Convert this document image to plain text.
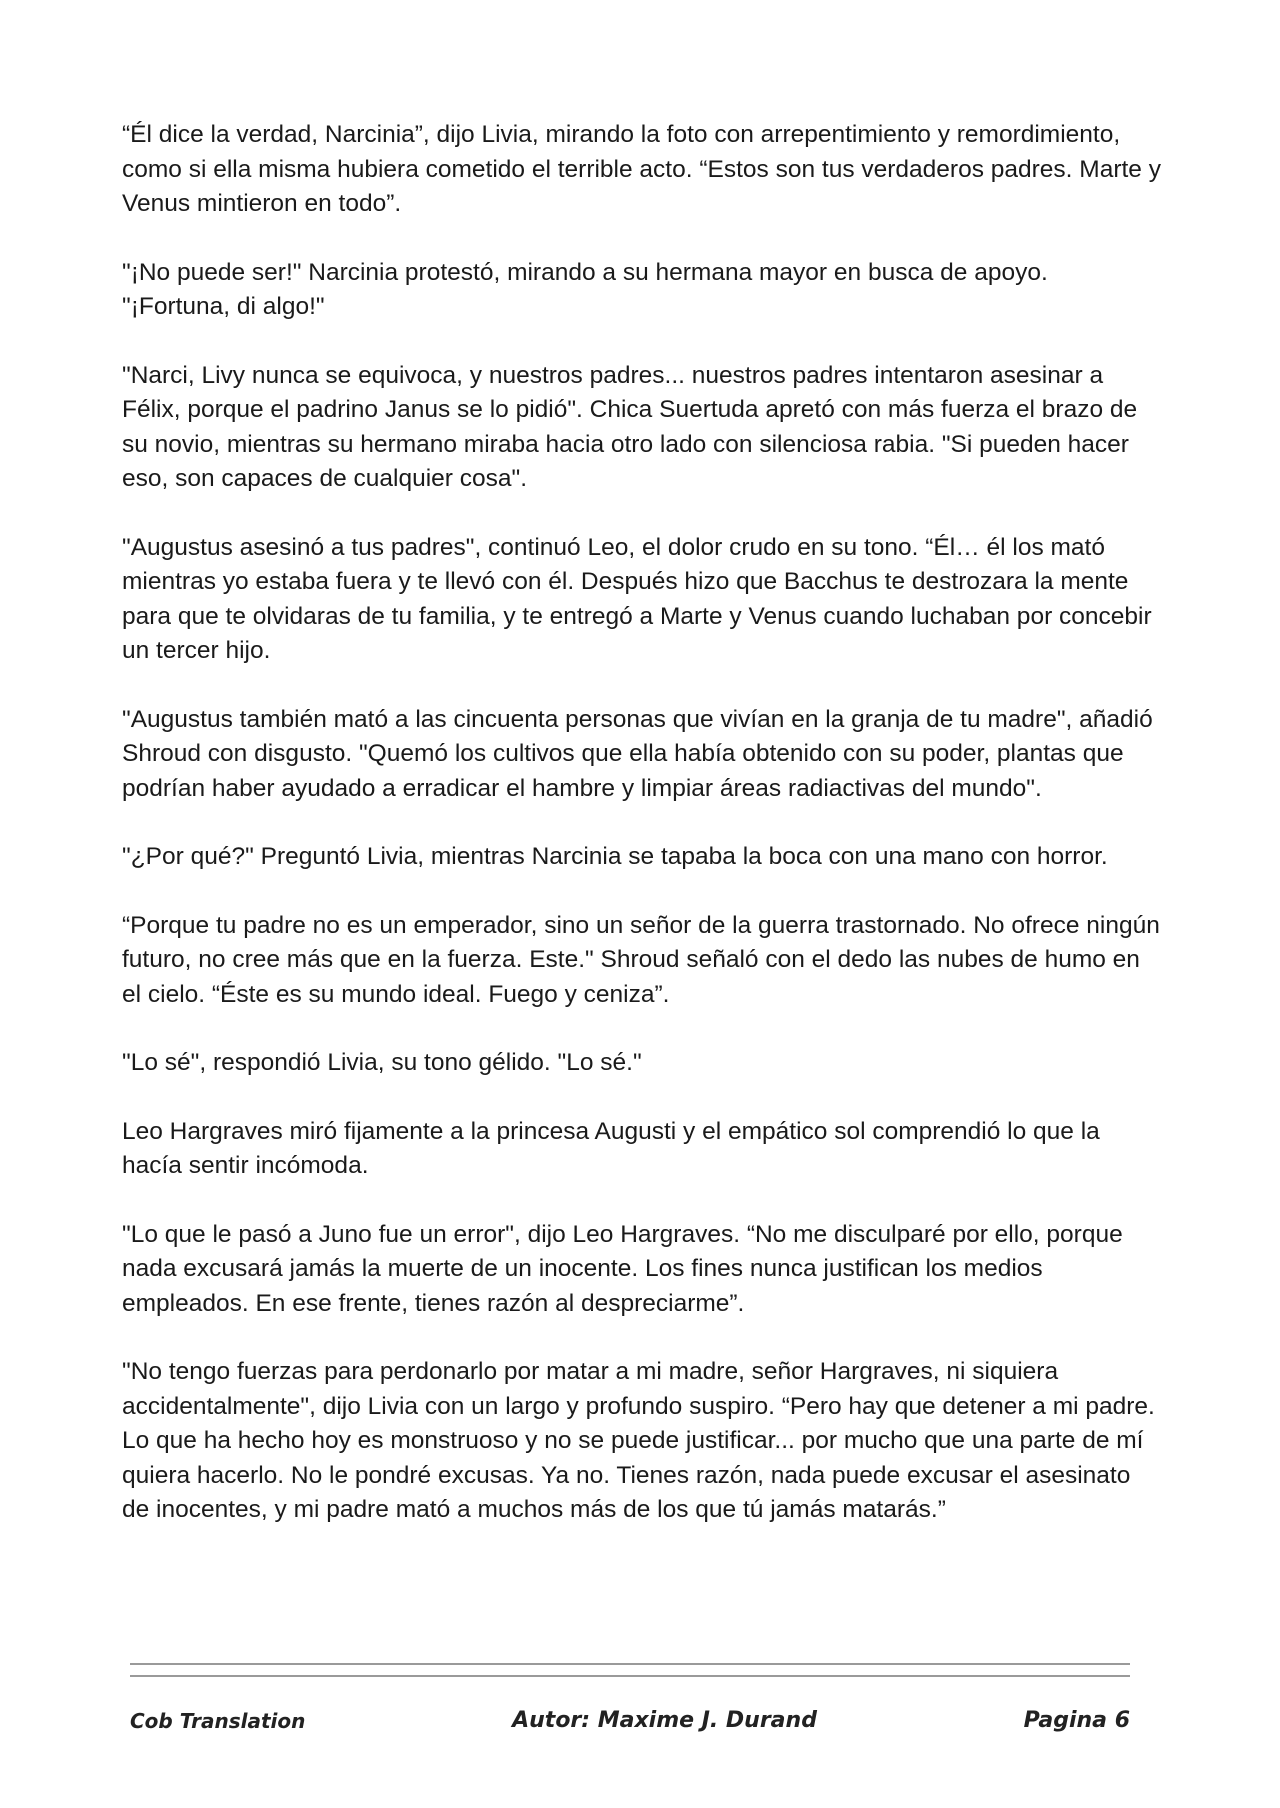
“Él dice la verdad, Narcinia”, dijo Livia, mirando la foto con arrepentimiento y remordimiento, como si ella misma hubiera cometido el terrible acto. “Estos son tus verdaderos padres. Marte y Venus mintieron en todo”.

"¡No puede ser!" Narcinia protestó, mirando a su hermana mayor en busca de apoyo. "¡Fortuna, di algo!"

"Narci, Livy nunca se equivoca, y nuestros padres... nuestros padres intentaron asesinar a Félix, porque el padrino Janus se lo pidió". Chica Suertuda apretó con más fuerza el brazo de su novio, mientras su hermano miraba hacia otro lado con silenciosa rabia. "Si pueden hacer eso, son capaces de cualquier cosa".

"Augustus asesinó a tus padres", continuó Leo, el dolor crudo en su tono. “Él… él los mató mientras yo estaba fuera y te llevó con él. Después hizo que Bacchus te destrozara la mente para que te olvidaras de tu familia, y te entregó a Marte y Venus cuando luchaban por concebir un tercer hijo.

"Augustus también mató a las cincuenta personas que vivían en la granja de tu madre", añadió Shroud con disgusto. "Quemó los cultivos que ella había obtenido con su poder, plantas que podrían haber ayudado a erradicar el hambre y limpiar áreas radiactivas del mundo".

"¿Por qué?" Preguntó Livia, mientras Narcinia se tapaba la boca con una mano con horror.

“Porque tu padre no es un emperador, sino un señor de la guerra trastornado. No ofrece ningún futuro, no cree más que en la fuerza. Este." Shroud señaló con el dedo las nubes de humo en el cielo. “Éste es su mundo ideal. Fuego y ceniza”.

"Lo sé", respondió Livia, su tono gélido. "Lo sé."

Leo Hargraves miró fijamente a la princesa Augusti y el empático sol comprendió lo que la hacía sentir incómoda.

"Lo que le pasó a Juno fue un error", dijo Leo Hargraves. “No me disculparé por ello, porque nada excusará jamás la muerte de un inocente. Los fines nunca justifican los medios empleados. En ese frente, tienes razón al despreciarme”.

"No tengo fuerzas para perdonarlo por matar a mi madre, señor Hargraves, ni siquiera accidentalmente", dijo Livia con un largo y profundo suspiro. “Pero hay que detener a mi padre. Lo que ha hecho hoy es monstruoso y no se puede justificar... por mucho que una parte de mí quiera hacerlo. No le pondré excusas. Ya no. Tienes razón, nada puede excusar el asesinato de inocentes, y mi padre mató a muchos más de los que tú jamás matarás.”

Cob Translation	Autor: Maxime J. Durand	Pagina 6
